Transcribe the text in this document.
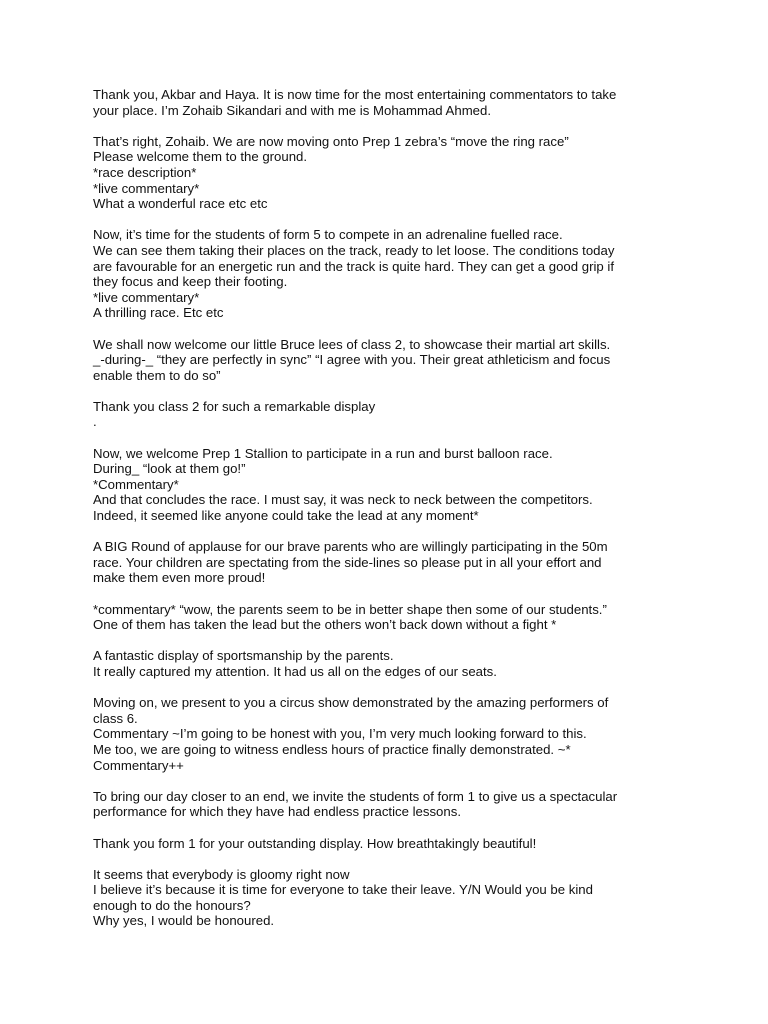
Thank you, Akbar and Haya. It is now time for the most entertaining commentators to take
your place. I’m Zohaib Sikandari and with me is Mohammad Ahmed.
That’s right, Zohaib. We are now moving onto Prep 1 zebra’s “move the ring race”
Please welcome them to the ground.
*race description*
*live commentary*
What a wonderful race etc etc
Now, it’s time for the students of form 5 to compete in an adrenaline fuelled race.
We can see them taking their places on the track, ready to let loose. The conditions today
are favourable for an energetic run and the track is quite hard. They can get a good grip if
they focus and keep their footing.
*live commentary*
A thrilling race. Etc etc
We shall now welcome our little Bruce lees of class 2, to showcase their martial art skills.
_-during-_ “they are perfectly in sync” “I agree with you. Their great athleticism and focus
enable them to do so”
Thank you class 2 for such a remarkable display
.
Now, we welcome Prep 1 Stallion to participate in a run and burst balloon race.
During_ “look at them go!”
*Commentary*
And that concludes the race. I must say, it was neck to neck between the competitors.
Indeed, it seemed like anyone could take the lead at any moment*
A BIG Round of applause for our brave parents who are willingly participating in the 50m
race. Your children are spectating from the side-lines so please put in all your effort and
make them even more proud!
*commentary* “wow, the parents seem to be in better shape then some of our students.”
One of them has taken the lead but the others won’t back down without a fight *
A fantastic display of sportsmanship by the parents.
It really captured my attention. It had us all on the edges of our seats.
Moving on, we present to you a circus show demonstrated by the amazing performers of
class 6.
Commentary ~I’m going to be honest with you, I’m very much looking forward to this.
Me too, we are going to witness endless hours of practice finally demonstrated. ~*
Commentary++
To bring our day closer to an end, we invite the students of form 1 to give us a spectacular
performance for which they have had endless practice lessons.
Thank you form 1 for your outstanding display. How breathtakingly beautiful!
It seems that everybody is gloomy right now
I believe it’s because it is time for everyone to take their leave. Y/N Would you be kind
enough to do the honours?
Why yes, I would be honoured.
